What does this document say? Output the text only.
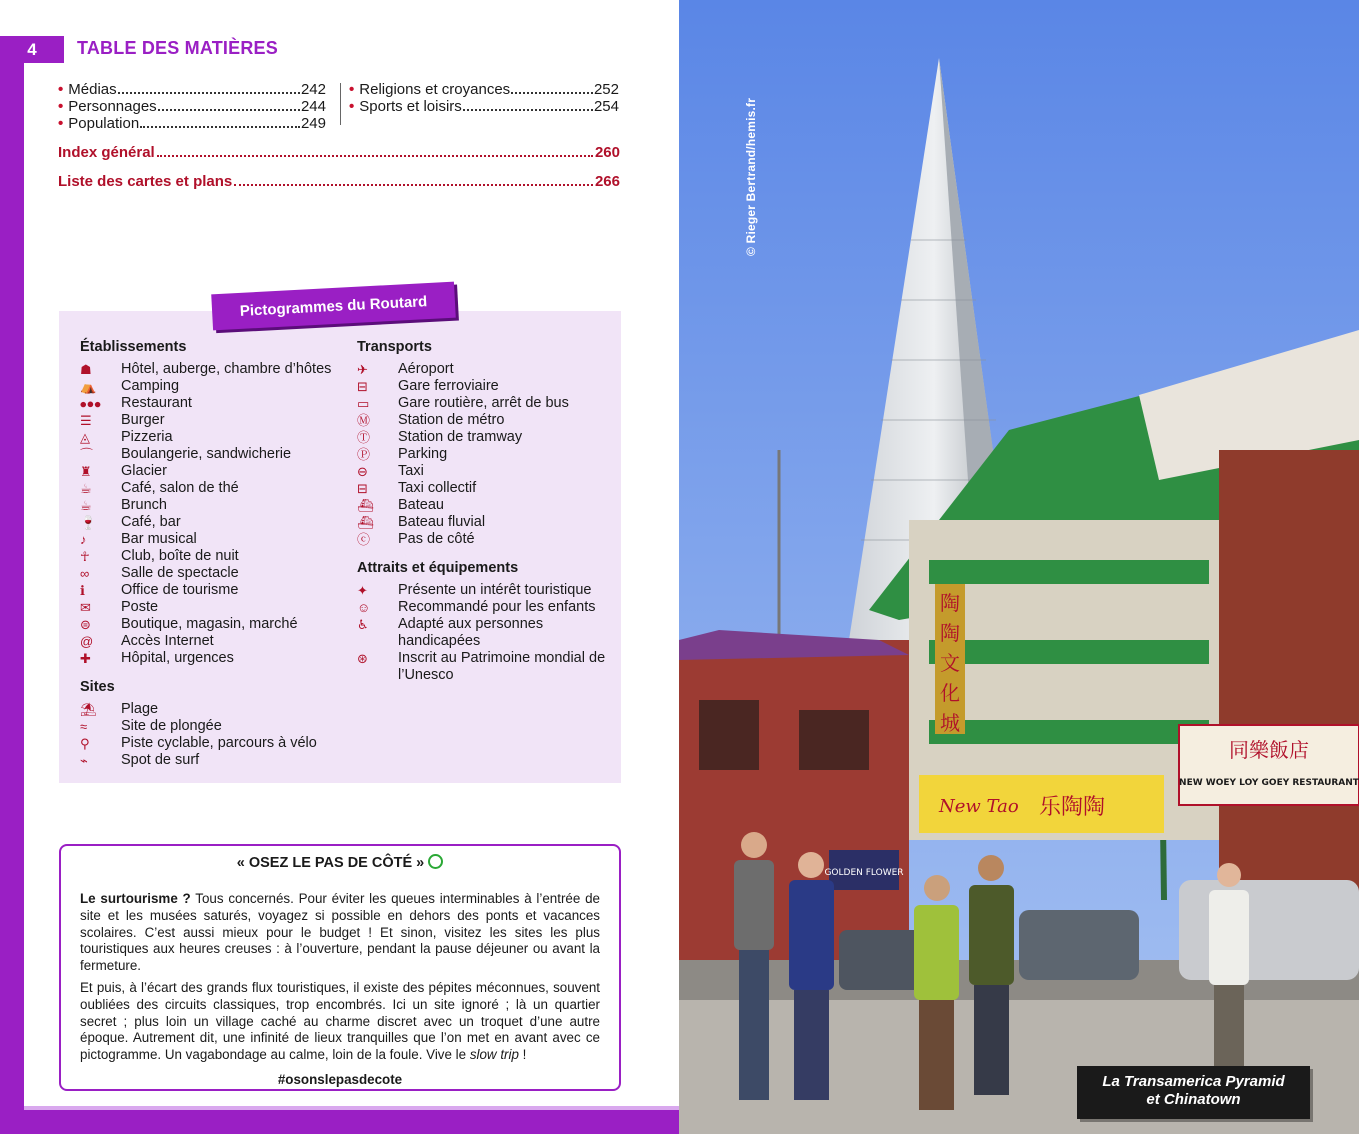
4	TABLE DES MATIÈRES
• Médias	242
• Personnages	244
• Population	249
• Religions et croyances	252
• Sports et loisirs	254
Index général	260
Liste des cartes et plans	266
Pictogrammes du Routard
Établissements
☗	Hôtel, auberge, chambre d’hôtes
⛺	Camping
⦁●⦁	Restaurant
☰	Burger
◬	Pizzeria
⌒	Boulangerie, sandwicherie
♜	Glacier
☕	Café, salon de thé
☕	Brunch
🍷	Café, bar
♪	Bar musical
☥	Club, boîte de nuit
∞	Salle de spectacle
ℹ	Office de tourisme
✉	Poste
⊜	Boutique, magasin, marché
@	Accès Internet
✚	Hôpital, urgences
Sites
⛱	Plage
≈	Site de plongée
⚲	Piste cyclable, parcours à vélo
⌁	Spot de surf
Transports
✈	Aéroport
⊟	Gare ferroviaire
▭	Gare routière, arrêt de bus
Ⓜ	Station de métro
Ⓣ	Station de tramway
Ⓟ	Parking
⊖	Taxi
⊟	Taxi collectif
⛴	Bateau
⛴	Bateau fluvial
ⓒ	Pas de côté
Attraits et équipements
✦	Présente un intérêt touristique
☺	Recommandé pour les enfants
♿	Adapté aux personnes handicapées
⊛	Inscrit au Patrimoine mondial de l’Unesco
« OSEZ LE PAS DE CÔTÉ »

Le surtourisme ? Tous concernés. Pour éviter les queues interminables à l’entrée de site et les musées saturés, voyagez si possible en dehors des ponts et vacances scolaires. C’est aussi mieux pour le budget ! Et sinon, visitez les sites les plus touristiques aux heures creuses : à l’ouverture, pendant la pause déjeuner ou avant la fermeture.

Et puis, à l’écart des grands flux touristiques, il existe des pépites méconnues, souvent oubliées des circuits classiques, trop encombrés. Ici un site ignoré ; là un quartier secret ; plus loin un village caché au charme discret avec un troquet d’une autre époque. Autrement dit, une infinité de lieux tranquilles que l’on met en avant avec ce pictogramme. Un vagabondage au calme, loin de la foule. Vive le slow trip !

#osonslepasdecote
陶
陶
文
化
城
New Tao 乐陶陶
同樂飯店
NEW WOEY LOY GOEY RESTAURANT
GOLDEN FLOWER
© Rieger Bertrand/hemis.fr
La Transamerica Pyramid
et Chinatown
